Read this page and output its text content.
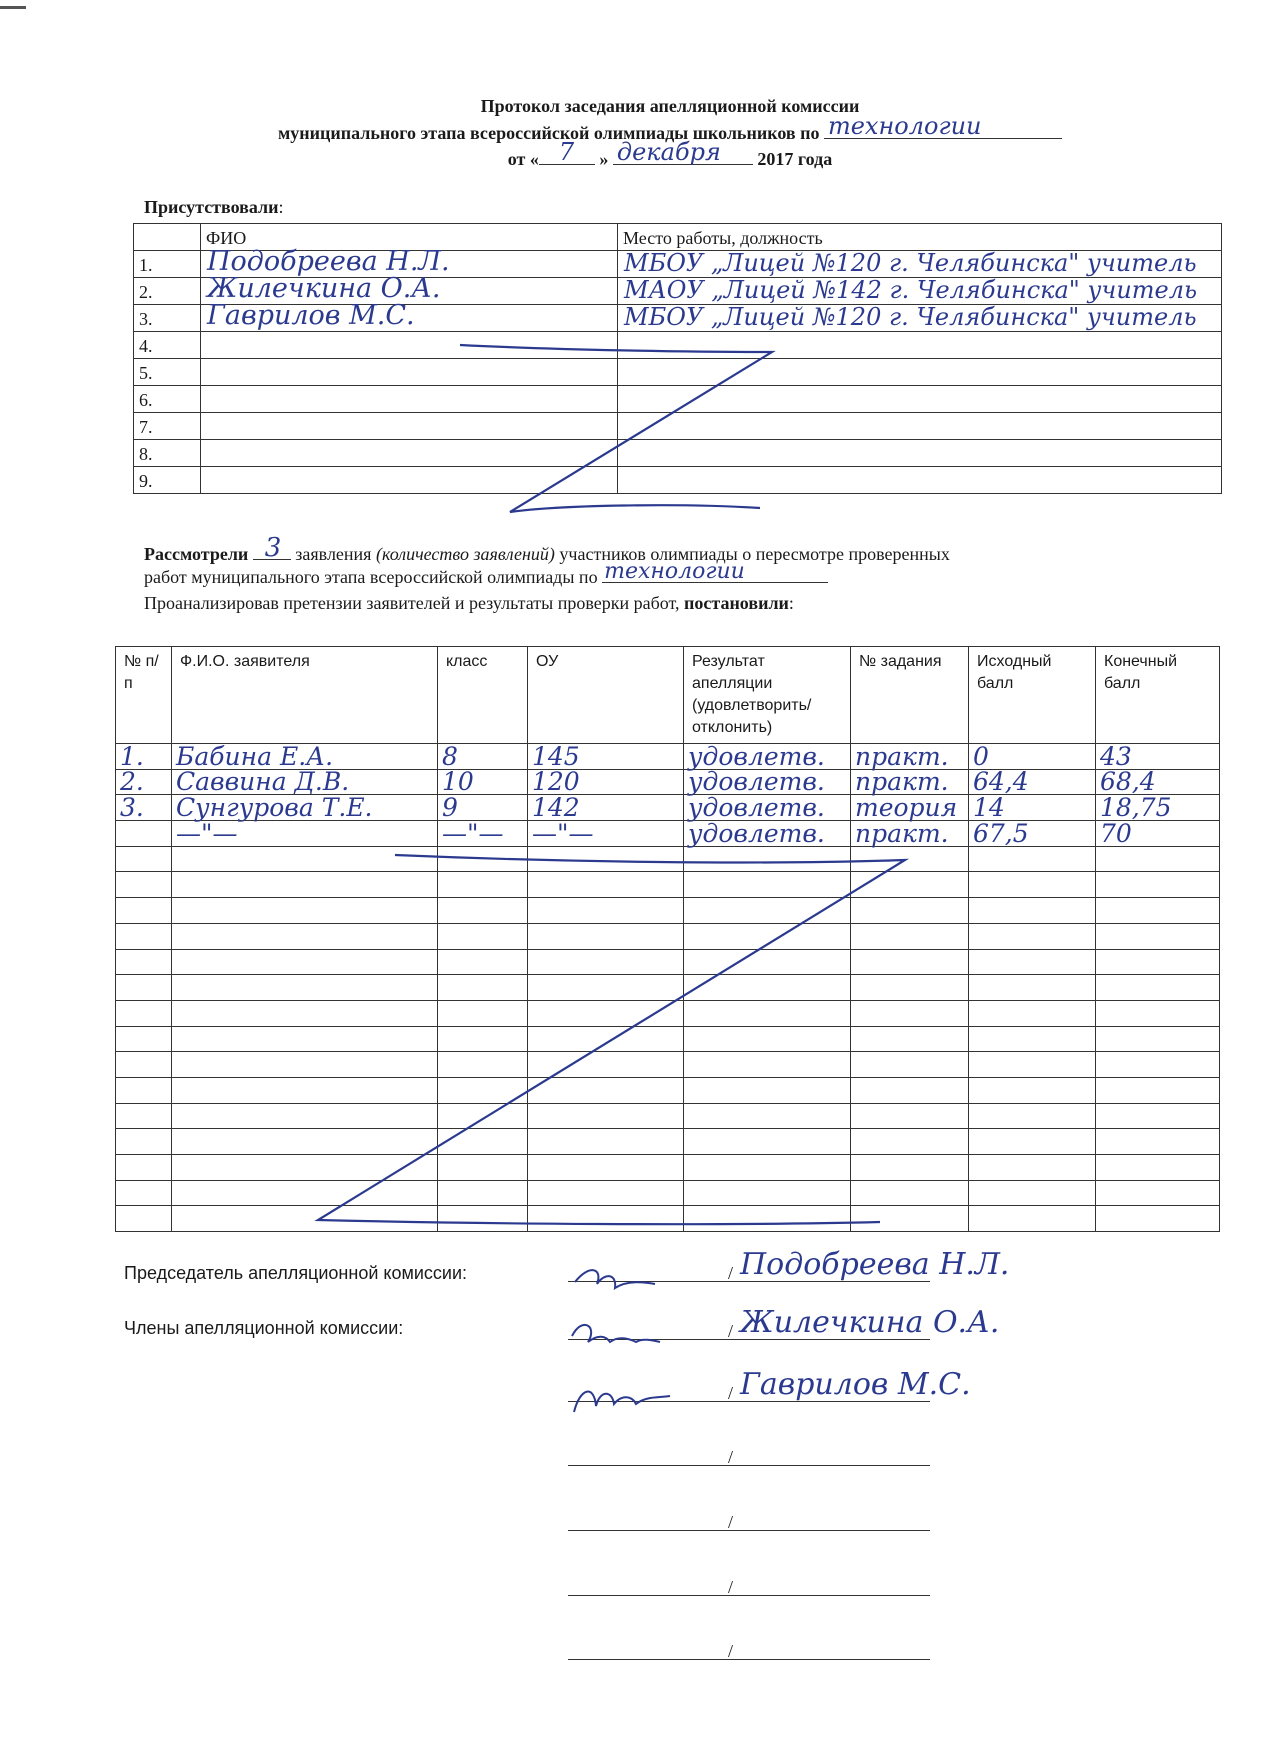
Протокол заседания апелляционной комиссии
муниципального этапа всероссийской олимпиады школьников по технологии
от « 7 » декабря 2017 года
Присутствовали:
	ФИО	Место работы, должность
1.	Подобреева Н.Л.	МБОУ „Лицей №120 г. Челябинска" учитель

2.	Жилечкина О.А.	МАОУ „Лицей №142 г. Челябинска" учитель

3.	Гаврилов М.С.	МБОУ „Лицей №120 г. Челябинска" учитель

4.		
5.		
6.		
7.		
8.		
9.		
Рассмотрели 3 заявления (количество заявлений) участников олимпиады о пересмотре проверенных
работ муниципального этапа всероссийской олимпиады по технологии
Проанализировав претензии заявителей и результаты проверки работ, постановили:
№ п/п	Ф.И.О. заявителя	класс	ОУ	Результат апелляции (удовлетворить/ отклонить)	№ задания	Исходный балл	Конечный балл

1.	Бабина Е.А.	8	145	удовлетв.	практ.	0	43

2.	Саввина Д.В.	10	120	удовлетв.	практ.	64,4	68,4

3.	Сунгурова Т.Е.	9	142	удовлетв.	теория	14	18,75

	—"—	—"—	—"—	удовлетв.	практ.	67,5	70

Председатель апелляционной комиссии:
Члены апелляционной комиссии:
/ Подобреева Н.Л.
/ Жилечкина О.А.
/ Гаврилов М.С.
/
/
/
/
